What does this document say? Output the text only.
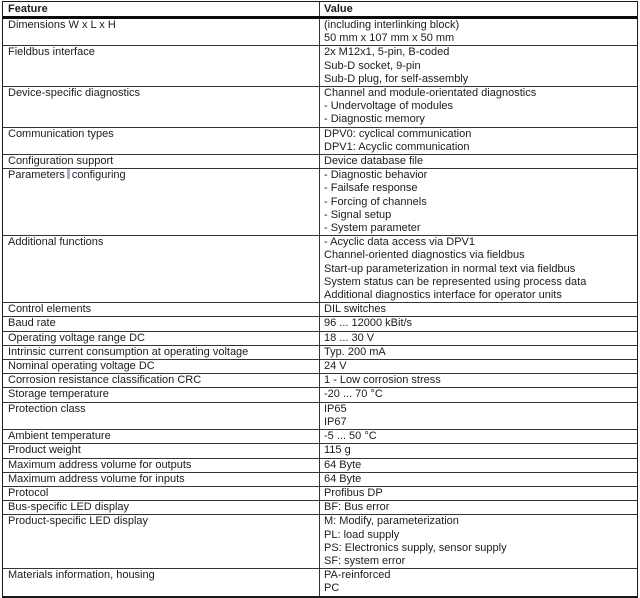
Feature	Value
Dimensions W x L x H	(including interlinking block)
50 mm x 107 mm x 50 mm
Fieldbus interface	2x M12x1, 5-pin, B-coded
Sub-D socket, 9-pin
Sub-D plug, for self-assembly
Device-specific diagnostics	Channel and module-orientated diagnostics
- Undervoltage of modules
- Diagnostic memory
Communication types	DPV0: cyclical communication
DPV1: Acyclic communication
Configuration support	Device database file
Parameters configuring	- Diagnostic behavior
- Failsafe response
- Forcing of channels
- Signal setup
- System parameter
Additional functions	- Acyclic data access via DPV1
Channel-oriented diagnostics via fieldbus
Start-up parameterization in normal text via fieldbus
System status can be represented using process data
Additional diagnostics interface for operator units
Control elements	DIL switches
Baud rate	96 ... 12000 kBit/s
Operating voltage range DC	18 ... 30 V
Intrinsic current consumption at operating voltage	Typ. 200 mA
Nominal operating voltage DC	24 V
Corrosion resistance classification CRC	1 - Low corrosion stress
Storage temperature	-20 ... 70 °C
Protection class	IP65
IP67
Ambient temperature	-5 ... 50 °C
Product weight	115 g
Maximum address volume for outputs	64 Byte
Maximum address volume for inputs	64 Byte
Protocol	Profibus DP
Bus-specific LED display	BF: Bus error
Product-specific LED display	M: Modify, parameterization
PL: load supply
PS: Electronics supply, sensor supply
SF: system error
Materials information, housing	PA-reinforced
PC
